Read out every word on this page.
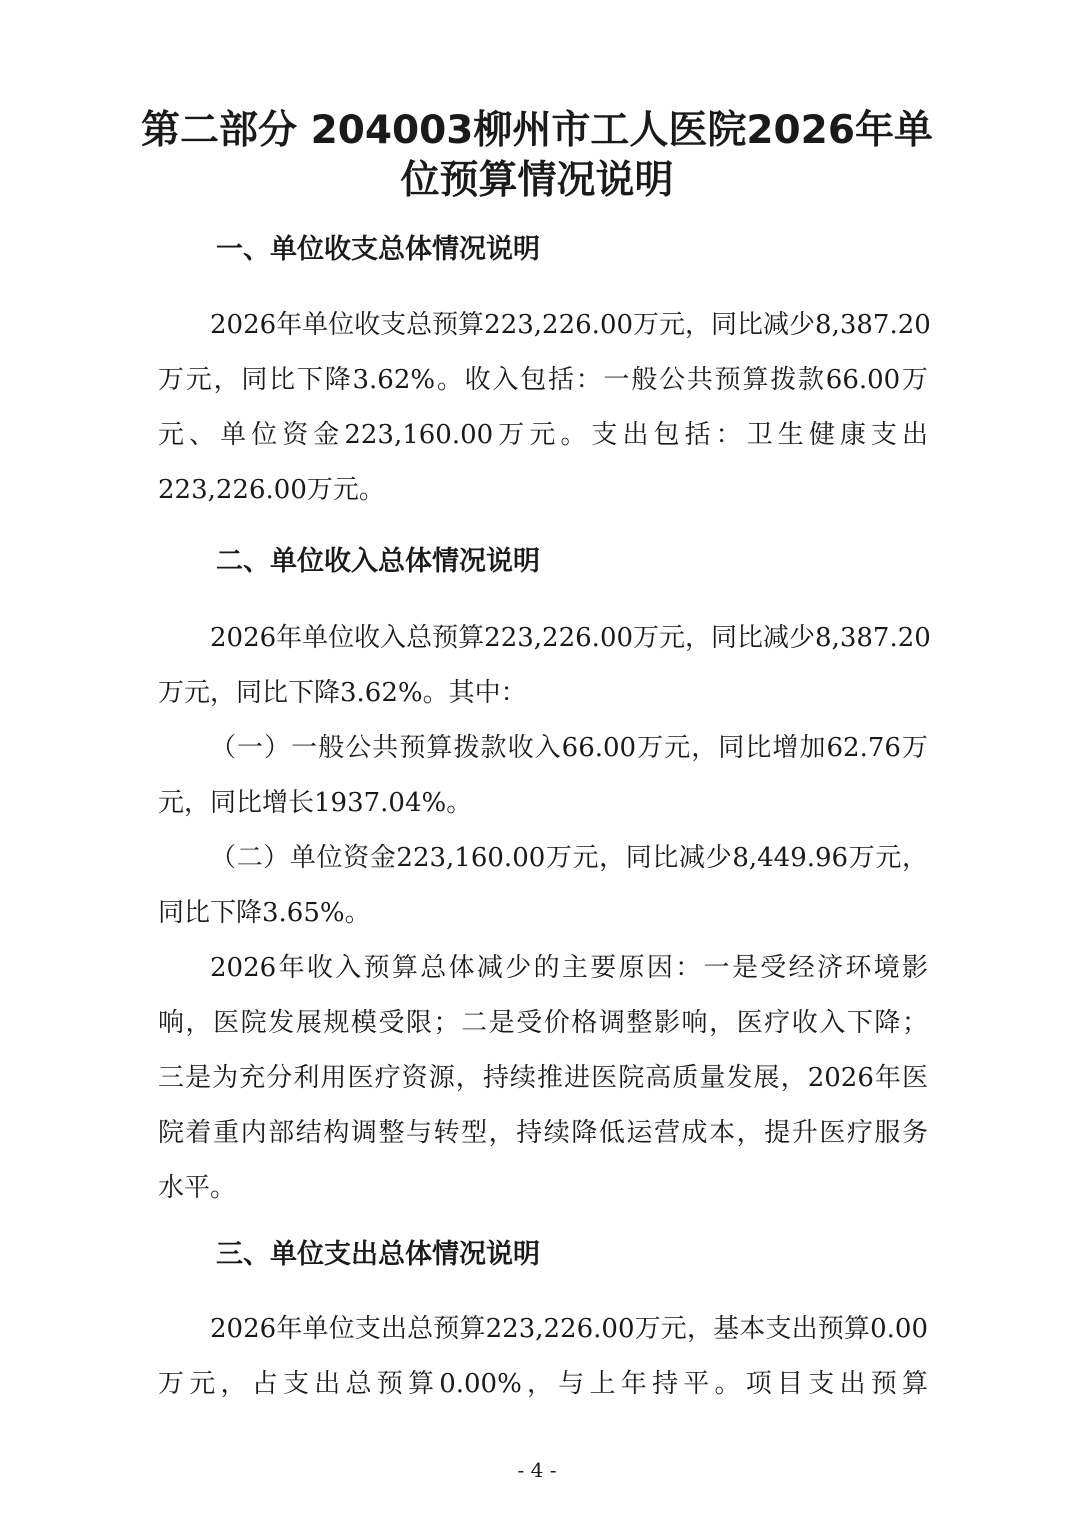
第二部分 204003柳州市工人医院2026年单
位预算情况说明
一、单位收支总体情况说明
2026年单位收支总预算223,226.00万元，同比减少8,387.20
万元，同比下降3.62%。收入包括：一般公共预算拨款66.00万
元、单位资金223,160.00万元。支出包括：卫生健康支出
223,226.00万元。
二、单位收入总体情况说明
2026年单位收入总预算223,226.00万元，同比减少8,387.20
万元，同比下降3.62%。其中：
（一）一般公共预算拨款收入66.00万元，同比增加62.76万
元，同比增长1937.04%。
（二）单位资金223,160.00万元，同比减少8,449.96万元，
同比下降3.65%。
2026年收入预算总体减少的主要原因：一是受经济环境影
响，医院发展规模受限；二是受价格调整影响，医疗收入下降；
三是为充分利用医疗资源，持续推进医院高质量发展，2026年医
院着重内部结构调整与转型，持续降低运营成本，提升医疗服务
水平。
三、单位支出总体情况说明
2026年单位支出总预算223,226.00万元，基本支出预算0.00
万元，占支出总预算0.00%，与上年持平。项目支出预算
- 4 -
